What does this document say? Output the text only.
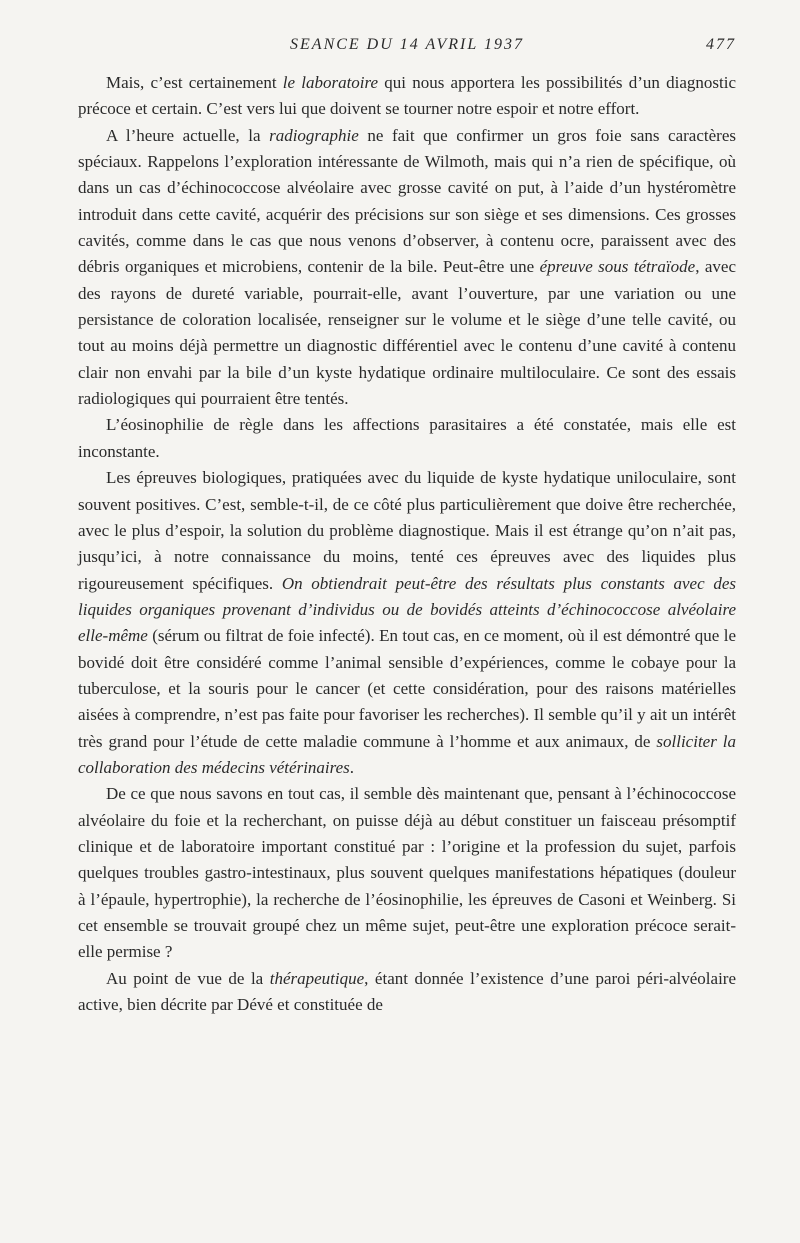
SEANCE DU 14 AVRIL 1937	477

Mais, c’est certainement le laboratoire qui nous apportera les possibilités d’un diagnostic précoce et certain. C’est vers lui que doivent se tourner notre espoir et notre effort.

A l’heure actuelle, la radiographie ne fait que confirmer un gros foie sans caractères spéciaux. Rappelons l’exploration intéressante de Wilmoth, mais qui n’a rien de spécifique, où dans un cas d’échinococcose alvéolaire avec grosse cavité on put, à l’aide d’un hystéromètre introduit dans cette cavité, acquérir des précisions sur son siège et ses dimensions. Ces grosses cavités, comme dans le cas que nous venons d’observer, à contenu ocre, paraissent avec des débris organiques et microbiens, contenir de la bile. Peut-être une épreuve sous tétraïode, avec des rayons de dureté variable, pourrait-elle, avant l’ouverture, par une variation ou une persistance de coloration localisée, renseigner sur le volume et le siège d’une telle cavité, ou tout au moins déjà permettre un diagnostic différentiel avec le contenu d’une cavité à contenu clair non envahi par la bile d’un kyste hydatique ordinaire multiloculaire. Ce sont des essais radiologiques qui pourraient être tentés.

L’éosinophilie de règle dans les affections parasitaires a été constatée, mais elle est inconstante.

Les épreuves biologiques, pratiquées avec du liquide de kyste hydatique uniloculaire, sont souvent positives. C’est, semble-t-il, de ce côté plus particulièrement que doive être recherchée, avec le plus d’espoir, la solution du problème diagnostique. Mais il est étrange qu’on n’ait pas, jusqu’ici, à notre connaissance du moins, tenté ces épreuves avec des liquides plus rigoureusement spécifiques. On obtiendrait peut-être des résultats plus constants avec des liquides organiques provenant d’individus ou de bovidés atteints d’échinococcose alvéolaire elle-même (sérum ou filtrat de foie infecté). En tout cas, en ce moment, où il est démontré que le bovidé doit être considéré comme l’animal sensible d’expériences, comme le cobaye pour la tuberculose, et la souris pour le cancer (et cette considération, pour des raisons matérielles aisées à comprendre, n’est pas faite pour favoriser les recherches). Il semble qu’il y ait un intérêt très grand pour l’étude de cette maladie commune à l’homme et aux animaux, de solliciter la collaboration des médecins vétérinaires.

De ce que nous savons en tout cas, il semble dès maintenant que, pensant à l’échinococcose alvéolaire du foie et la recherchant, on puisse déjà au début constituer un faisceau présomptif clinique et de laboratoire important constitué par : l’origine et la profession du sujet, parfois quelques troubles gastro-intestinaux, plus souvent quelques manifestations hépatiques (douleur à l’épaule, hypertrophie), la recherche de l’éosinophilie, les épreuves de Casoni et Weinberg. Si cet ensemble se trouvait groupé chez un même sujet, peut-être une exploration précoce serait-elle permise ?

Au point de vue de la thérapeutique, étant donnée l’existence d’une paroi péri-alvéolaire active, bien décrite par Dévé et constituée de
